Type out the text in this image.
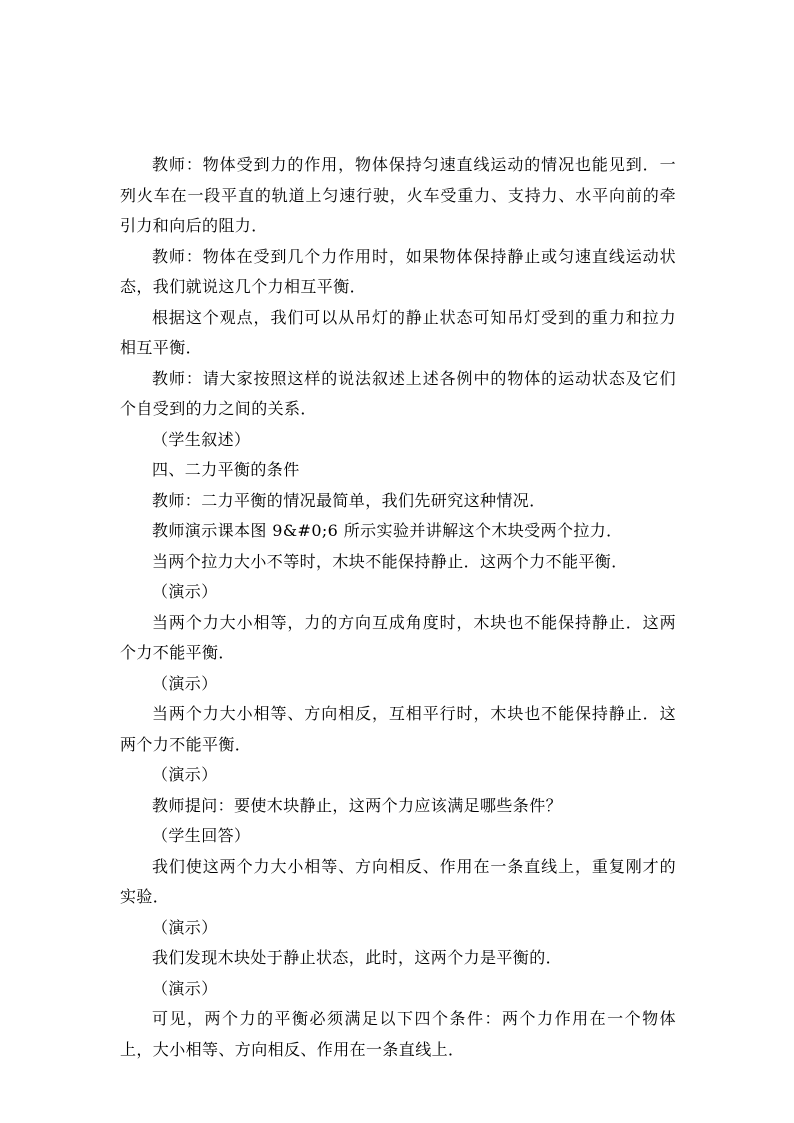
教师：物体受到力的作用，物体保持匀速直线运动的情况也能见到．一列火车在一段平直的轨道上匀速行驶，火车受重力、支持力、水平向前的牵引力和向后的阻力．

教师：物体在受到几个力作用时，如果物体保持静止或匀速直线运动状态，我们就说这几个力相互平衡．

根据这个观点，我们可以从吊灯的静止状态可知吊灯受到的重力和拉力相互平衡．

教师：请大家按照这样的说法叙述上述各例中的物体的运动状态及它们个自受到的力之间的关系．

（学生叙述）

四、二力平衡的条件

教师：二力平衡的情况最简单，我们先研究这种情况．

教师演示课本图 9&#0;6 所示实验并讲解这个木块受两个拉力．

当两个拉力大小不等时，木块不能保持静止．这两个力不能平衡．

（演示）

当两个力大小相等，力的方向互成角度时，木块也不能保持静止．这两个力不能平衡．

（演示）

当两个力大小相等、方向相反，互相平行时，木块也不能保持静止．这两个力不能平衡．

（演示）

教师提问：要使木块静止，这两个力应该满足哪些条件？

（学生回答）

我们使这两个力大小相等、方向相反、作用在一条直线上，重复刚才的实验．

（演示）

我们发现木块处于静止状态，此时，这两个力是平衡的．

（演示）

可见，两个力的平衡必须满足以下四个条件：两个力作用在一个物体上，大小相等、方向相反、作用在一条直线上．
